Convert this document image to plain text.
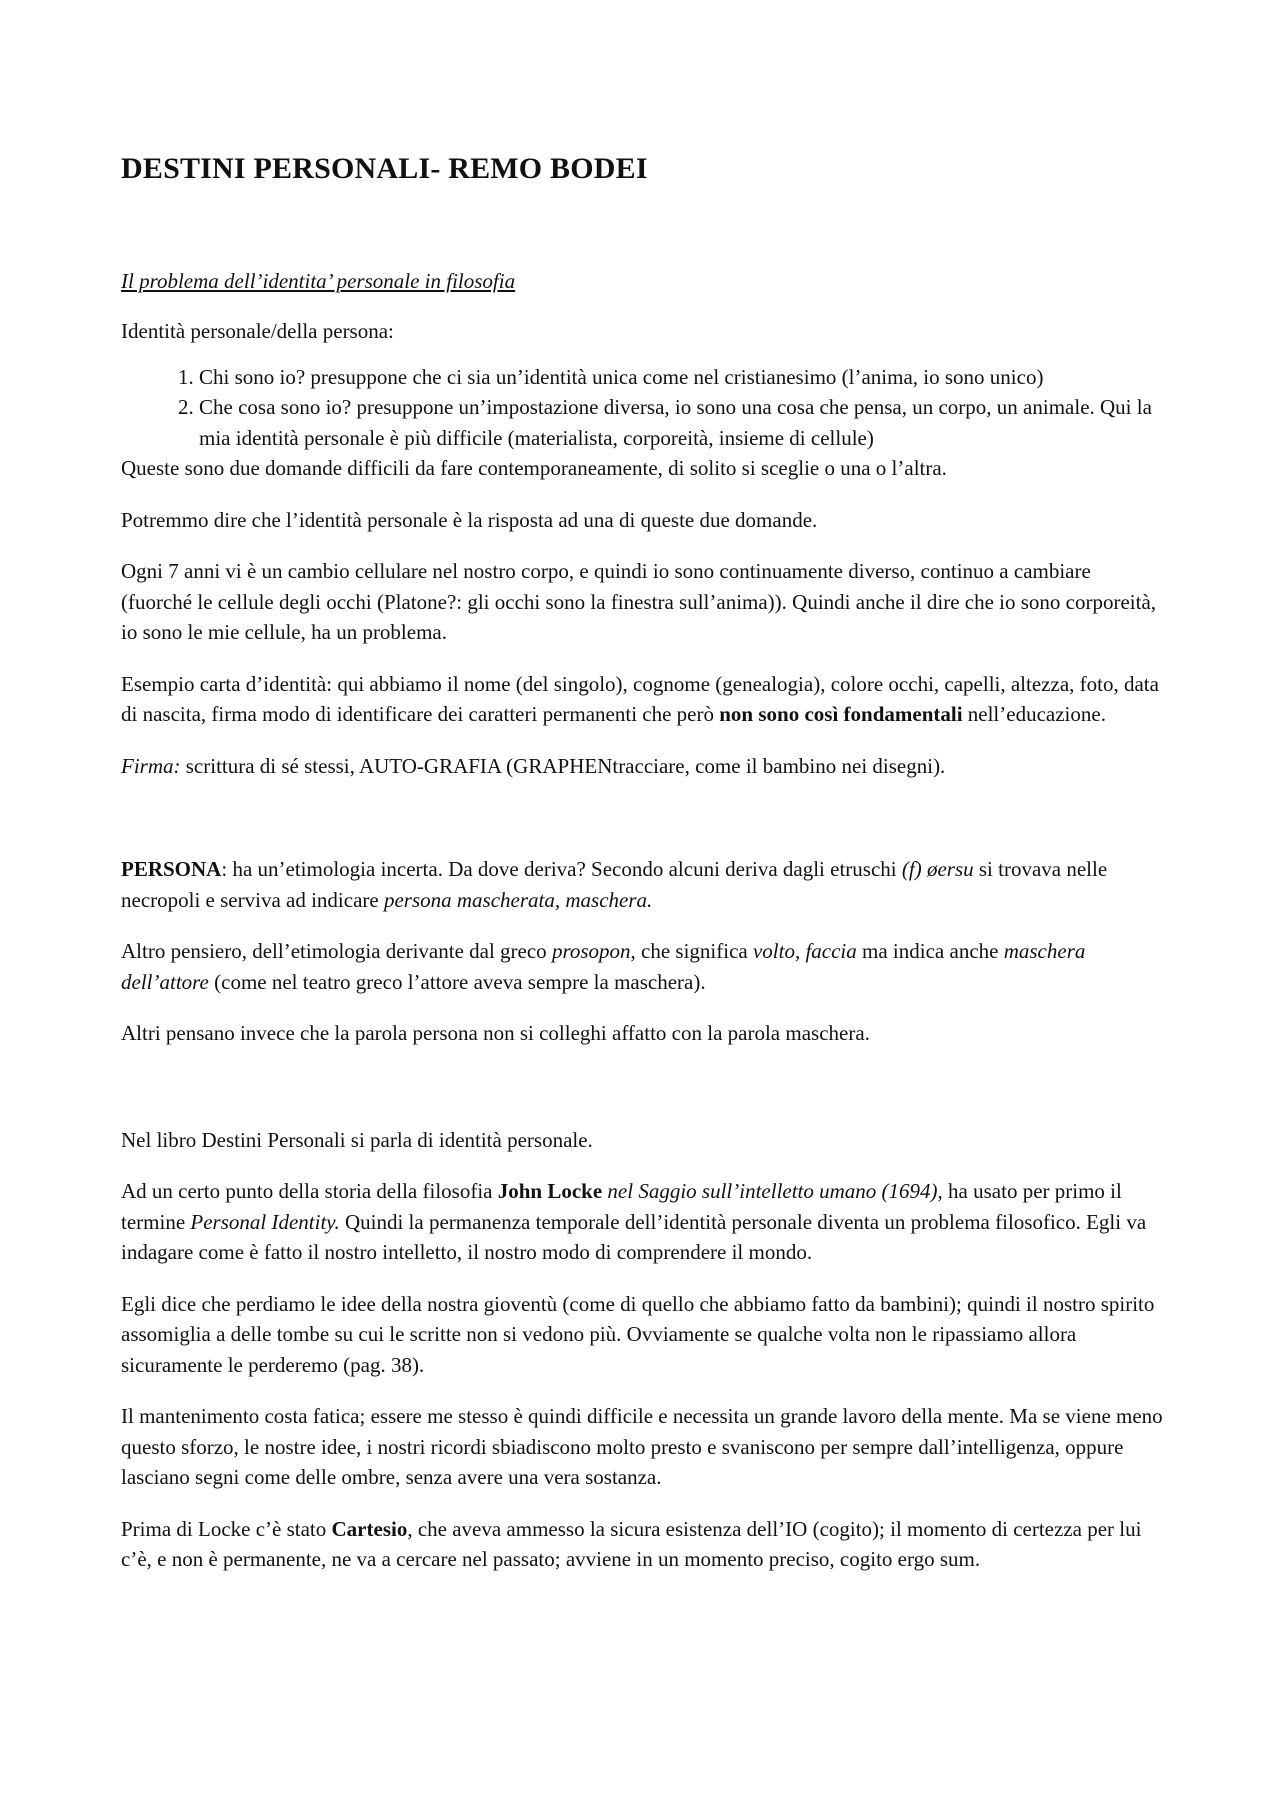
DESTINI PERSONALI- REMO BODEI
Il problema dell’identita’ personale in filosofia

Identità personale/della persona:

1. Chi sono io? presuppone che ci sia un’identità unica come nel cristianesimo (l’anima, io sono unico)
2. Che cosa sono io? presuppone un’impostazione diversa, io sono una cosa che pensa, un corpo, un animale. Qui la mia identità personale è più difficile (materialista, corporeità, insieme di cellule)

Queste sono due domande difficili da fare contemporaneamente, di solito si sceglie o una o l’altra.

Potremmo dire che l’identità personale è la risposta ad una di queste due domande.

Ogni 7 anni vi è un cambio cellulare nel nostro corpo, e quindi io sono continuamente diverso, continuo a cambiare (fuorché le cellule degli occhi (Platone?: gli occhi sono la finestra sull’anima)). Quindi anche il dire che io sono corporeità, io sono le mie cellule, ha un problema.

Esempio carta d’identità: qui abbiamo il nome (del singolo), cognome (genealogia), colore occhi, capelli, altezza, foto, data di nascita, firma modo di identificare dei caratteri permanenti che però non sono così fondamentali nell’educazione.

Firma: scrittura di sé stessi, AUTO-GRAFIA (GRAPHENtracciare, come il bambino nei disegni).

PERSONA: ha un’etimologia incerta. Da dove deriva? Secondo alcuni deriva dagli etruschi (f) øersu si trovava nelle necropoli e serviva ad indicare persona mascherata, maschera.

Altro pensiero, dell’etimologia derivante dal greco prosopon, che significa volto, faccia ma indica anche maschera dell’attore (come nel teatro greco l’attore aveva sempre la maschera).

Altri pensano invece che la parola persona non si colleghi affatto con la parola maschera.

Nel libro Destini Personali si parla di identità personale.

Ad un certo punto della storia della filosofia John Locke nel Saggio sull’intelletto umano (1694), ha usato per primo il termine Personal Identity. Quindi la permanenza temporale dell’identità personale diventa un problema filosofico. Egli va indagare come è fatto il nostro intelletto, il nostro modo di comprendere il mondo.

Egli dice che perdiamo le idee della nostra gioventù (come di quello che abbiamo fatto da bambini); quindi il nostro spirito assomiglia a delle tombe su cui le scritte non si vedono più. Ovviamente se qualche volta non le ripassiamo allora sicuramente le perderemo (pag. 38).

Il mantenimento costa fatica; essere me stesso è quindi difficile e necessita un grande lavoro della mente. Ma se viene meno questo sforzo, le nostre idee, i nostri ricordi sbiadiscono molto presto e svaniscono per sempre dall’intelligenza, oppure lasciano segni come delle ombre, senza avere una vera sostanza.

Prima di Locke c’è stato Cartesio, che aveva ammesso la sicura esistenza dell’IO (cogito); il momento di certezza per lui c’è, e non è permanente, ne va a cercare nel passato; avviene in un momento preciso, cogito ergo sum.
